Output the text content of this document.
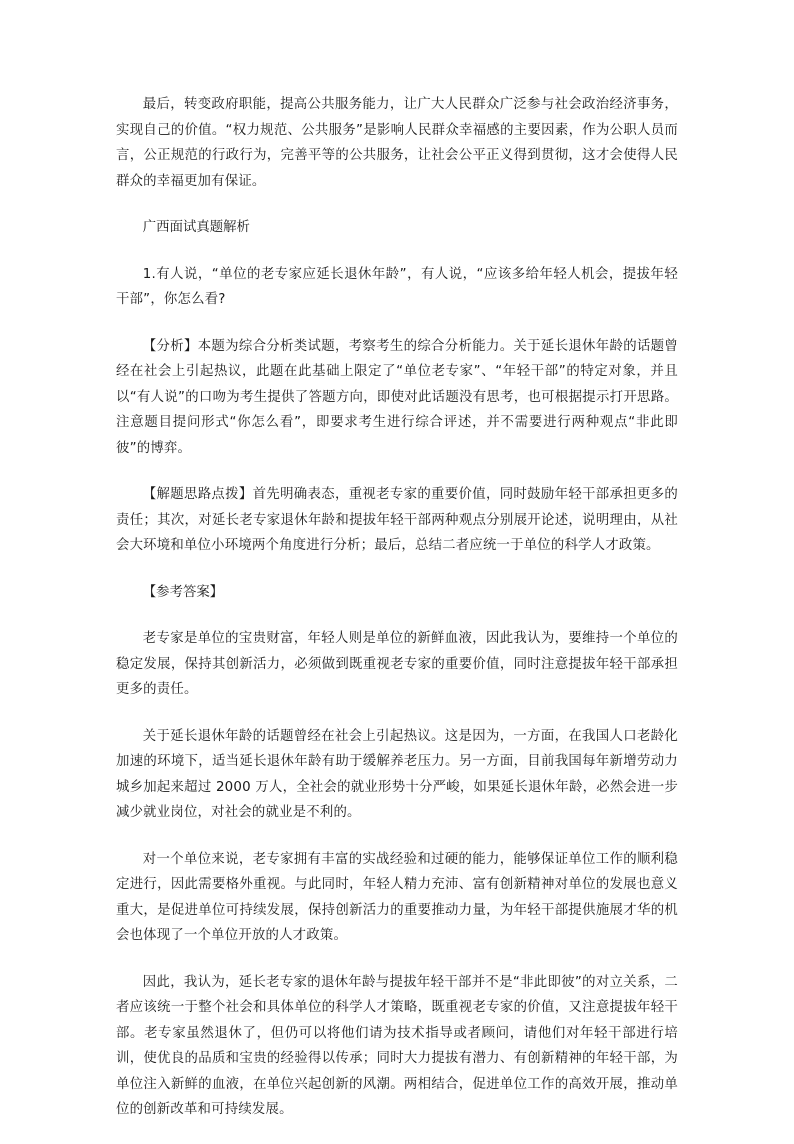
最后，转变政府职能，提高公共服务能力，让广大人民群众广泛参与社会政治经济事务，实现自己的价值。“权力规范、公共服务”是影响人民群众幸福感的主要因素，作为公职人员而言，公正规范的行政行为，完善平等的公共服务，让社会公平正义得到贯彻，这才会使得人民群众的幸福更加有保证。

广西面试真题解析

1.有人说，“单位的老专家应延长退休年龄”，有人说，“应该多给年轻人机会，提拔年轻干部”，你怎么看?

【分析】本题为综合分析类试题，考察考生的综合分析能力。关于延长退休年龄的话题曾经在社会上引起热议，此题在此基础上限定了“单位老专家”、“年轻干部”的特定对象，并且以“有人说”的口吻为考生提供了答题方向，即使对此话题没有思考，也可根据提示打开思路。注意题目提问形式“你怎么看”，即要求考生进行综合评述，并不需要进行两种观点“非此即彼”的博弈。

【解题思路点拨】首先明确表态，重视老专家的重要价值，同时鼓励年轻干部承担更多的责任；其次，对延长老专家退休年龄和提拔年轻干部两种观点分别展开论述，说明理由，从社会大环境和单位小环境两个角度进行分析；最后，总结二者应统一于单位的科学人才政策。

【参考答案】

老专家是单位的宝贵财富，年轻人则是单位的新鲜血液，因此我认为，要维持一个单位的稳定发展，保持其创新活力，必须做到既重视老专家的重要价值，同时注意提拔年轻干部承担更多的责任。

关于延长退休年龄的话题曾经在社会上引起热议。这是因为，一方面，在我国人口老龄化加速的环境下，适当延长退休年龄有助于缓解养老压力。另一方面，目前我国每年新增劳动力城乡加起来超过 2000 万人，全社会的就业形势十分严峻，如果延长退休年龄，必然会进一步减少就业岗位，对社会的就业是不利的。

对一个单位来说，老专家拥有丰富的实战经验和过硬的能力，能够保证单位工作的顺利稳定进行，因此需要格外重视。与此同时，年轻人精力充沛、富有创新精神对单位的发展也意义重大，是促进单位可持续发展，保持创新活力的重要推动力量，为年轻干部提供施展才华的机会也体现了一个单位开放的人才政策。

因此，我认为，延长老专家的退休年龄与提拔年轻干部并不是“非此即彼”的对立关系，二者应该统一于整个社会和具体单位的科学人才策略，既重视老专家的价值，又注意提拔年轻干部。老专家虽然退休了，但仍可以将他们请为技术指导或者顾问，请他们对年轻干部进行培训，使优良的品质和宝贵的经验得以传承；同时大力提拔有潜力、有创新精神的年轻干部，为单位注入新鲜的血液，在单位兴起创新的风潮。两相结合，促进单位工作的高效开展，推动单位的创新改革和可持续发展。
